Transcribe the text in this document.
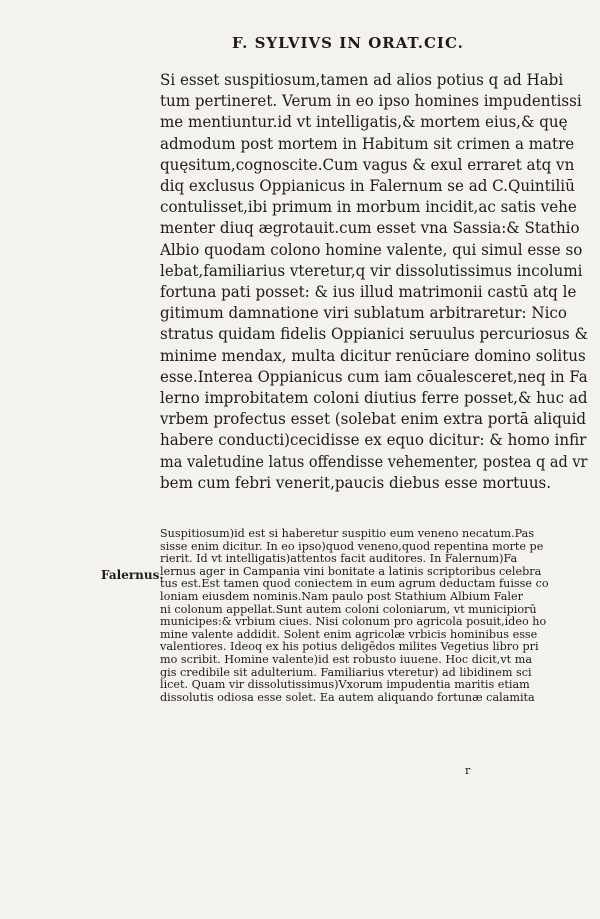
F. SYLVIVS IN ORAT.CIC.
Si esset suspitiosum,tamen ad alios potius q ad Habi
tum pertineret. Verum in eo ipso homines impudentissi
me mentiuntur.id vt intelligatis,& mortem eius,& quę
admodum post mortem in Habitum sit crimen a matre
quęsitum,cognoscite.Cum vagus & exul erraret atq vn
diq exclusus Oppianicus in Falernum se ad C.Quintiliū
contulisset,ibi primum in morbum incidit,ac satis vehe
menter diuq ægrotauit.cum esset vna Sassia:& Stathio
Albio quodam colono homine valente, qui simul esse so
lebat,familiarius vteretur,q vir dissolutissimus incolumi
fortuna pati posset: & ius illud matrimonii castū atq le
gitimum damnatione viri sublatum arbitraretur: Nico
stratus quidam fidelis Oppianici seruulus percuriosus &
minime mendax, multa dicitur renūciare domino solitus
esse.Interea Oppianicus cum iam cōualesceret,neq in Fa
lerno improbitatem coloni diutius ferre posset,& huc ad
vrbem profectus esset (solebat enim extra portā aliquid
habere conducti)cecidisse ex equo dicitur: & homo infir
ma valetudine latus offendisse vehementer, postea q ad vr
bem cum febri venerit,paucis diebus esse mortuus.
Falernus.
Suspitiosum)id est si haberetur suspitio eum veneno necatum.Pas
sisse enim dicitur. In eo ipso)quod veneno,quod repentina morte pe
rierit. Id vt intelligatis)attentos facit auditores. In Falernum)Fa
lernus ager in Campania vini bonitate a latinis scriptoribus celebra
tus est.Est tamen quod coniectem in eum agrum deductam fuisse co
loniam eiusdem nominis.Nam paulo post Stathium Albium Faler
ni colonum appellat.Sunt autem coloni coloniarum, vt municipiorū
municipes:& vrbium ciues. Nisi colonum pro agricola posuit,ideo ho
mine valente addidit. Solent enim agricolæ vrbicis hominibus esse
valentiores. Ideoq ex his potius deligēdos milites Vegetius libro pri
mo scribit. Homine valente)id est robusto iuuene. Hoc dicit,vt ma
gis credibile sit adulterium. Familiarius vteretur) ad libidinem sci
licet. Quam vir dissolutissimus)Vxorum impudentia maritis etiam
dissolutis odiosa esse solet. Ea autem aliquando fortunæ calamita
r
